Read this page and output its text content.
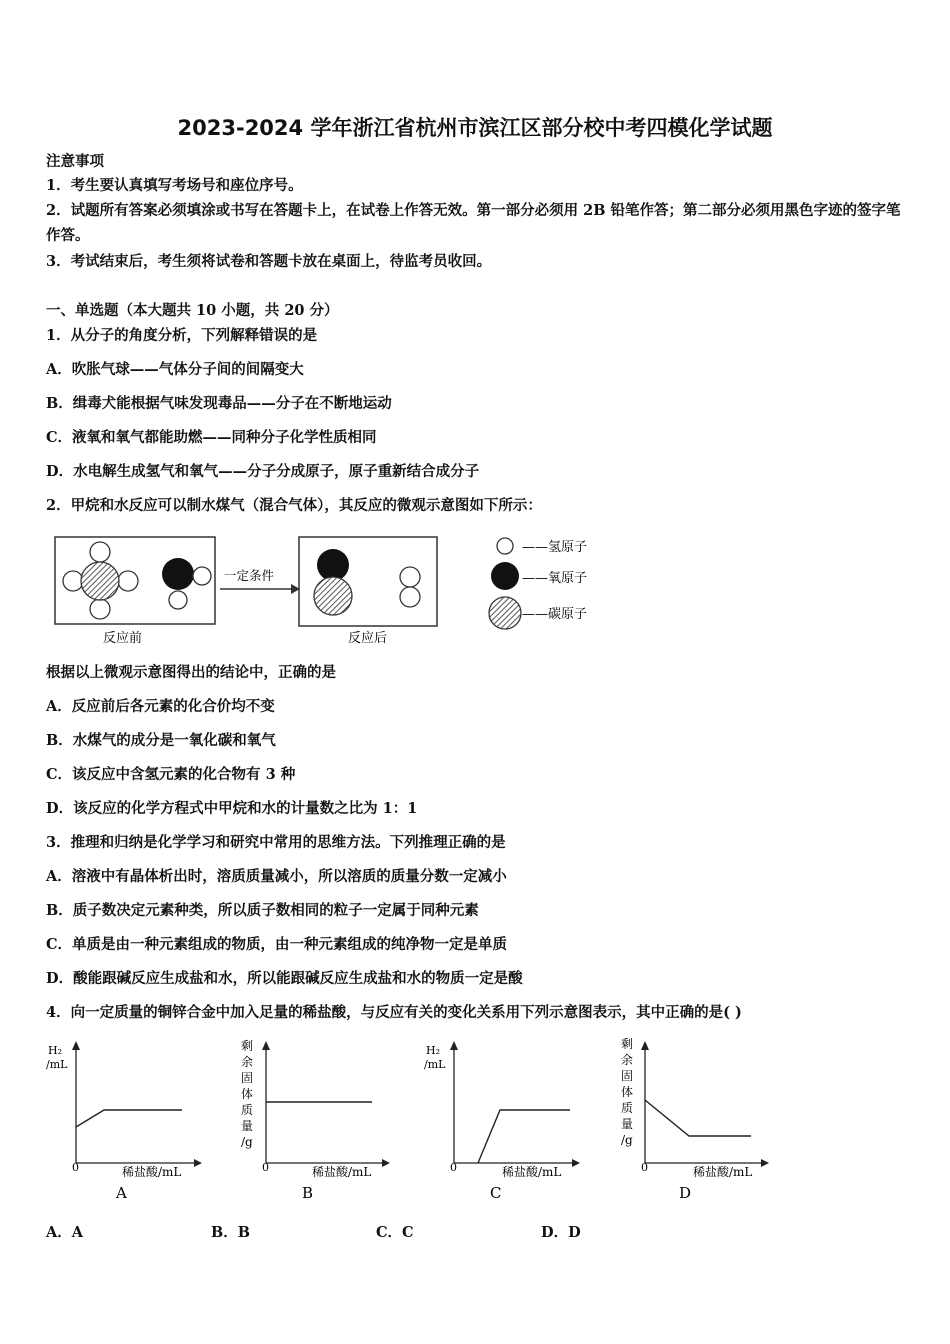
2023-2024 学年浙江省杭州市滨江区部分校中考四模化学试题
注意事项
1．考生要认真填写考场号和座位序号。
2．试题所有答案必须填涂或书写在答题卡上，在试卷上作答无效。第一部分必须用 2B 铅笔作答；第二部分必须用黑色字迹的签字笔作答。
3．考试结束后，考生须将试卷和答题卡放在桌面上，待监考员收回。
一、单选题（本大题共 10 小题，共 20 分）
1．从分子的角度分析，下列解释错误的是
A．吹胀气球——气体分子间的间隔变大
B．缉毒犬能根据气味发现毒品——分子在不断地运动
C．液氧和氧气都能助燃——同种分子化学性质相同
D．水电解生成氢气和氧气——分子分成原子，原子重新结合成分子
2．甲烷和水反应可以制水煤气（混合气体），其反应的微观示意图如下所示：
反应前
一定条件
反应后
——氢原子
——氧原子
——碳原子
根据以上微观示意图得出的结论中，正确的是
A．反应前后各元素的化合价均不变
B．水煤气的成分是一氧化碳和氧气
C．该反应中含氢元素的化合物有 3 种
D．该反应的化学方程式中甲烷和水的计量数之比为 1：1
3．推理和归纳是化学学习和研究中常用的思维方法。下列推理正确的是
A．溶液中有晶体析出时，溶质质量减小，所以溶质的质量分数一定减小
B．质子数决定元素种类，所以质子数相同的粒子一定属于同种元素
C．单质是由一种元素组成的物质，由一种元素组成的纯净物一定是单质
D．酸能跟碱反应生成盐和水，所以能跟碱反应生成盐和水的物质一定是酸
4．向一定质量的铜锌合金中加入足量的稀盐酸，与反应有关的变化关系用下列示意图表示，其中正确的是( )
H₂
/mL
0	稀盐酸/mL
A
剩 余 固 体 质 量 /g
0	稀盐酸/mL
B
H₂
/mL
0	稀盐酸/mL
C
剩 余 固 体 质 量 /g
0	稀盐酸/mL
D
A．A	B．B	C．C	D．D
